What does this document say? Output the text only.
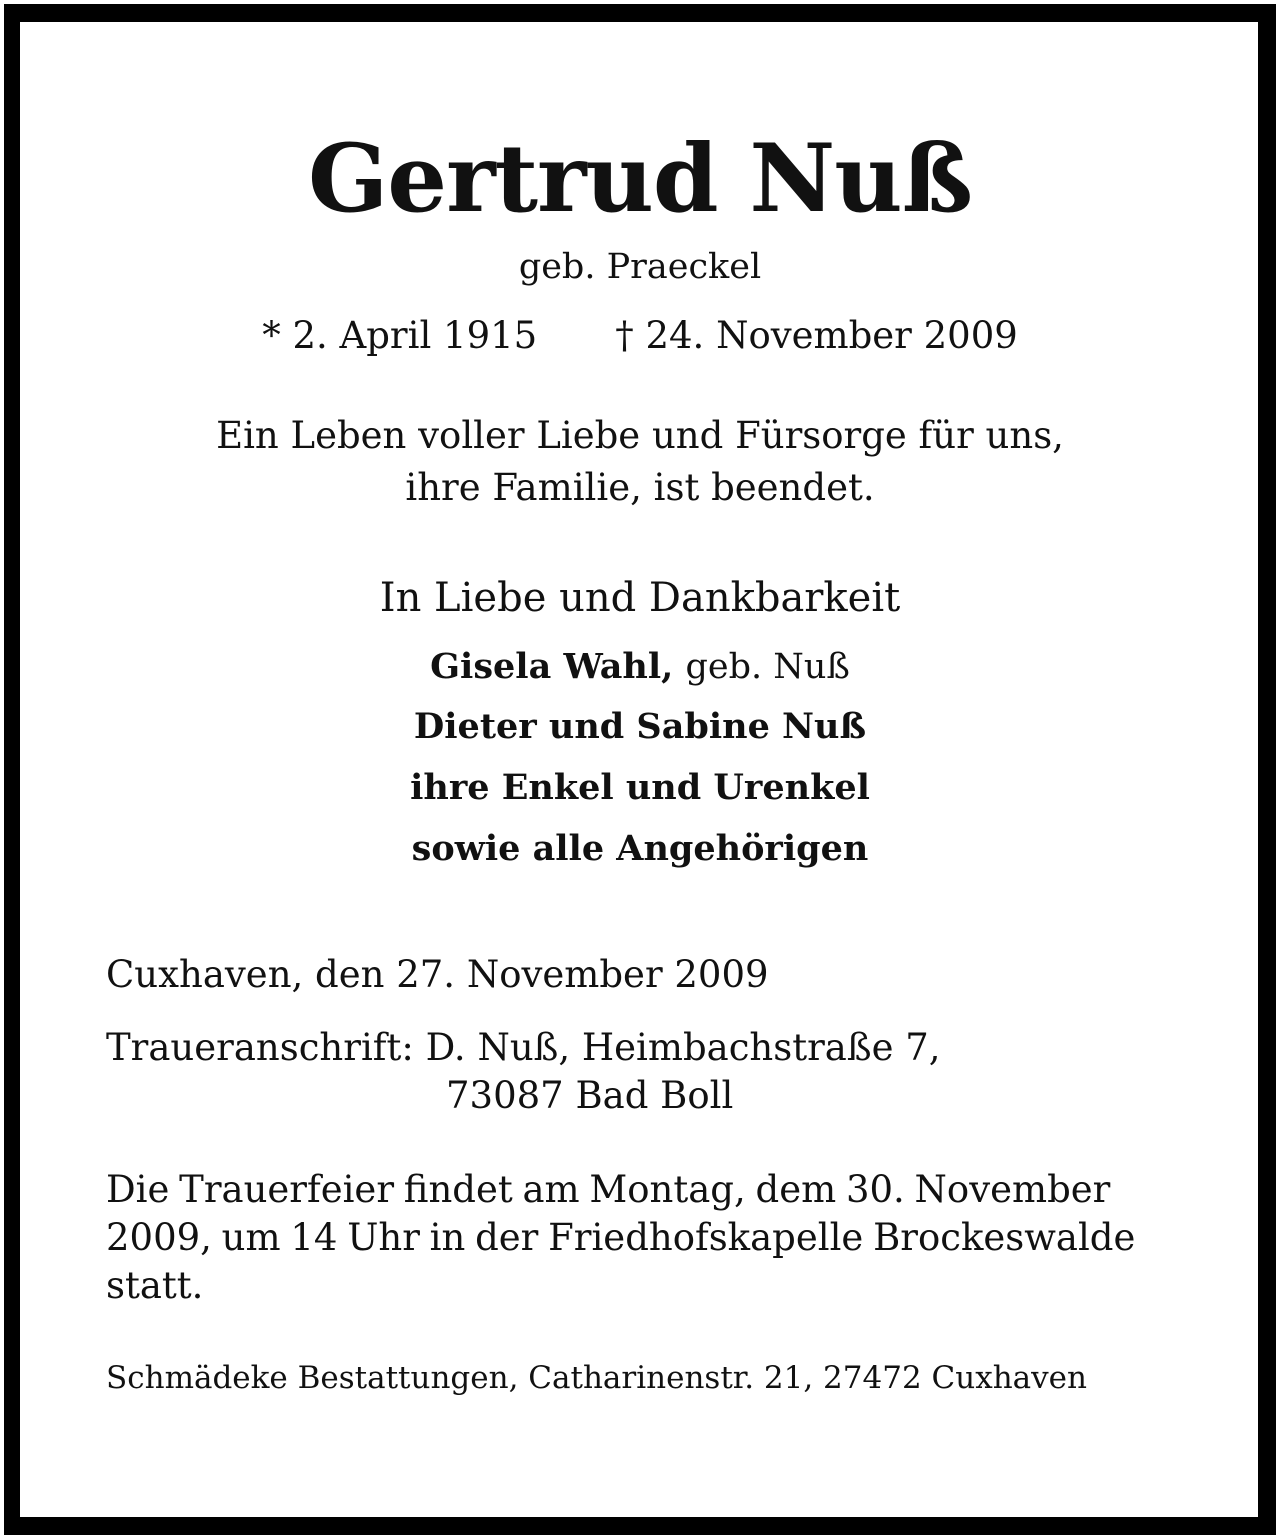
Gertrud Nuß
geb. Praeckel
* 2. April 1915 † 24. November 2009
Ein Leben voller Liebe und Fürsorge für uns,
ihre Familie, ist beendet.
In Liebe und Dankbarkeit
Gisela Wahl, geb. Nuß
Dieter und Sabine Nuß
ihre Enkel und Urenkel
sowie alle Angehörigen
Cuxhaven, den 27. November 2009
Traueranschrift: D. Nuß, Heimbachstraße 7,
73087 Bad Boll
Die Trauerfeier findet am Montag, dem 30. November 2009, um 14 Uhr in der Friedhofskapelle Brockeswalde statt.
Schmädeke Bestattungen, Catharinenstr. 21, 27472 Cuxhaven
